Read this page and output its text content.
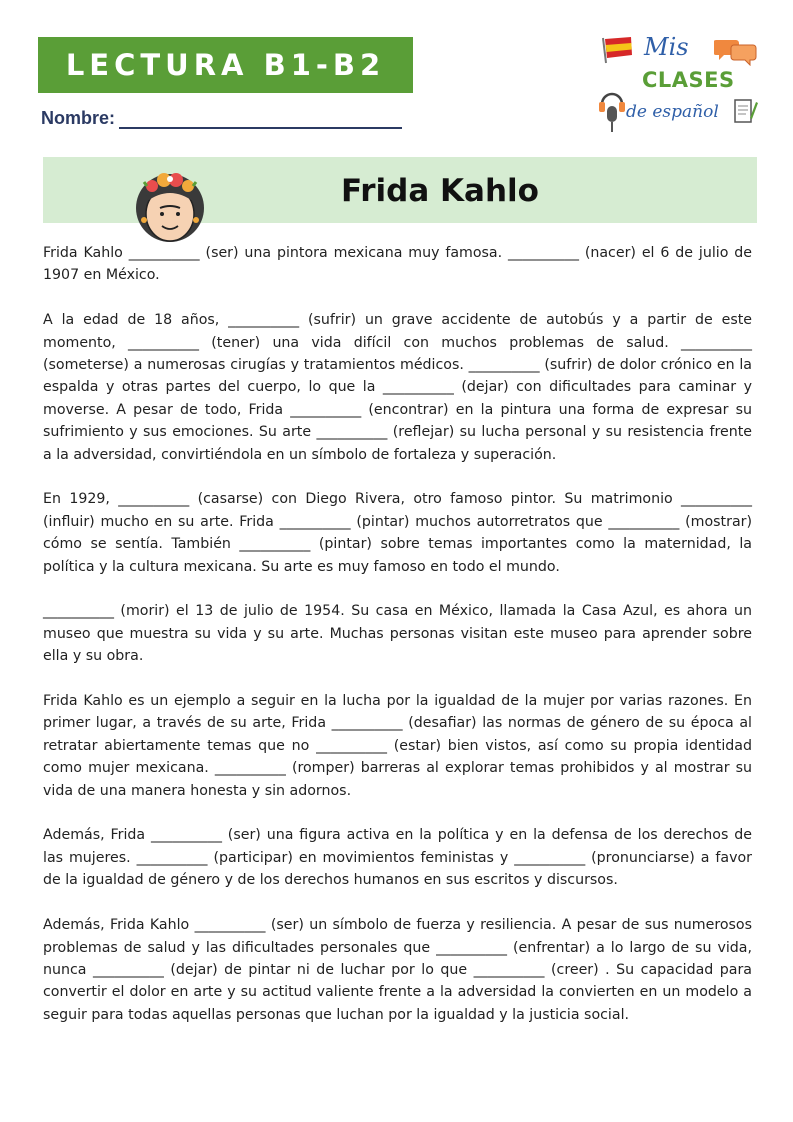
LECTURA B1-B2
Nombre:
Mis
CLASES
de español
Frida Kahlo

Frida Kahlo __________ (ser) una pintora mexicana muy famosa. __________ (nacer) el 6 de julio de 1907 en México.

A la edad de 18 años, __________ (sufrir) un grave accidente de autobús y a partir de este momento, __________ (tener) una vida difícil con muchos problemas de salud. __________ (someterse) a numerosas cirugías y tratamientos médicos. __________ (sufrir) de dolor crónico en la espalda y otras partes del cuerpo, lo que la __________ (dejar) con dificultades para caminar y moverse. A pesar de todo, Frida __________ (encontrar) en la pintura una forma de expresar su sufrimiento y sus emociones. Su arte __________ (reflejar) su lucha personal y su resistencia frente a la adversidad, convirtiéndola en un símbolo de fortaleza y superación.

En 1929, __________ (casarse) con Diego Rivera, otro famoso pintor. Su matrimonio __________ (influir) mucho en su arte. Frida __________ (pintar) muchos autorretratos que __________ (mostrar) cómo se sentía. También __________ (pintar) sobre temas importantes como la maternidad, la política y la cultura mexicana. Su arte es muy famoso en todo el mundo.

__________ (morir) el 13 de julio de 1954. Su casa en México, llamada la Casa Azul, es ahora un museo que muestra su vida y su arte. Muchas personas visitan este museo para aprender sobre ella y su obra.

Frida Kahlo es un ejemplo a seguir en la lucha por la igualdad de la mujer por varias razones. En primer lugar, a través de su arte, Frida __________ (desafiar) las normas de género de su época al retratar abiertamente temas que no __________ (estar) bien vistos, así como su propia identidad como mujer mexicana. __________ (romper) barreras al explorar temas prohibidos y al mostrar su vida de una manera honesta y sin adornos.

Además, Frida __________ (ser) una figura activa en la política y en la defensa de los derechos de las mujeres. __________ (participar) en movimientos feministas y __________ (pronunciarse) a favor de la igualdad de género y de los derechos humanos en sus escritos y discursos.

Además, Frida Kahlo __________ (ser) un símbolo de fuerza y resiliencia. A pesar de sus numerosos problemas de salud y las dificultades personales que __________ (enfrentar) a lo largo de su vida, nunca __________ (dejar) de pintar ni de luchar por lo que __________ (creer) . Su capacidad para convertir el dolor en arte y su actitud valiente frente a la adversidad la convierten en un modelo a seguir para todas aquellas personas que luchan por la igualdad y la justicia social.
